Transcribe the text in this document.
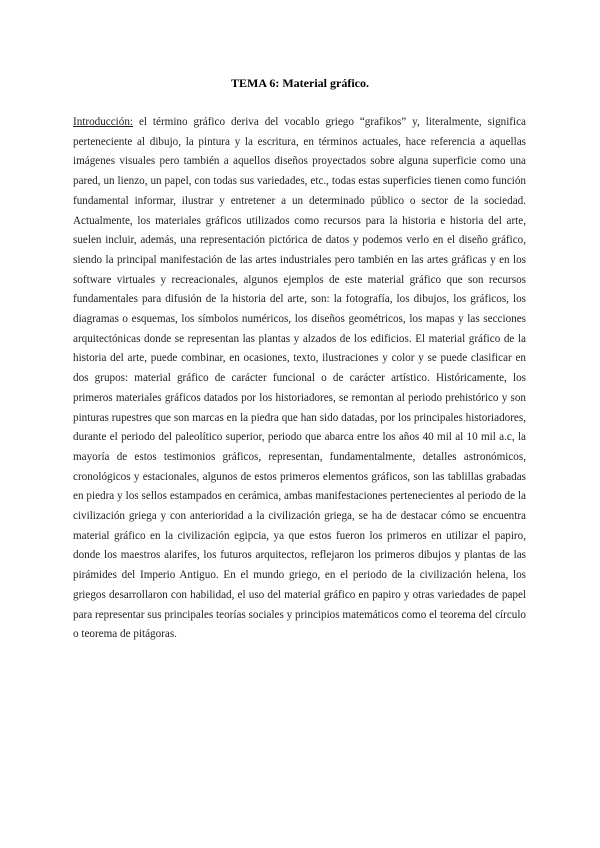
TEMA 6: Material gráfico.

Introducción: el término gráfico deriva del vocablo griego “grafikos” y, literalmente, significa perteneciente al dibujo, la pintura y la escritura, en términos actuales, hace referencia a aquellas imágenes visuales pero también a aquellos diseños proyectados sobre alguna superficie como una pared, un lienzo, un papel, con todas sus variedades, etc., todas estas superficies tienen como función fundamental informar, ilustrar y entretener a un determinado público o sector de la sociedad. Actualmente, los materiales gráficos utilizados como recursos para la historia e historia del arte, suelen incluir, además, una representación pictórica de datos y podemos verlo en el diseño gráfico, siendo la principal manifestación de las artes industriales pero también en las artes gráficas y en los software virtuales y recreacionales, algunos ejemplos de este material gráfico que son recursos fundamentales para difusión de la historia del arte, son: la fotografía, los dibujos, los gráficos, los diagramas o esquemas, los símbolos numéricos, los diseños geométricos, los mapas y las secciones arquitectónicas donde se representan las plantas y alzados de los edificios. El material gráfico de la historia del arte, puede combinar, en ocasiones, texto, ilustraciones y color y se puede clasificar en dos grupos: material gráfico de carácter funcional o de carácter artístico. Históricamente, los primeros materiales gráficos datados por los historiadores, se remontan al periodo prehistórico y son pinturas rupestres que son marcas en la piedra que han sido datadas, por los principales historiadores, durante el periodo del paleolítico superior, periodo que abarca entre los años 40 mil al 10 mil a.c, la mayoría de estos testimonios gráficos, representan, fundamentalmente, detalles astronómicos, cronológicos y estacionales, algunos de estos primeros elementos gráficos, son las tablillas grabadas en piedra y los sellos estampados en cerámica, ambas manifestaciones pertenecientes al periodo de la civilización griega y con anterioridad a la civilización griega, se ha de destacar cómo se encuentra material gráfico en la civilización egipcia, ya que estos fueron los primeros en utilizar el papiro, donde los maestros alarifes, los futuros arquitectos, reflejaron los primeros dibujos y plantas de las pirámides del Imperio Antiguo. En el mundo griego, en el periodo de la civilización helena, los griegos desarrollaron con habilidad, el uso del material gráfico en papiro y otras variedades de papel para representar sus principales teorías sociales y principios matemáticos como el teorema del círculo o teorema de pitágoras.
